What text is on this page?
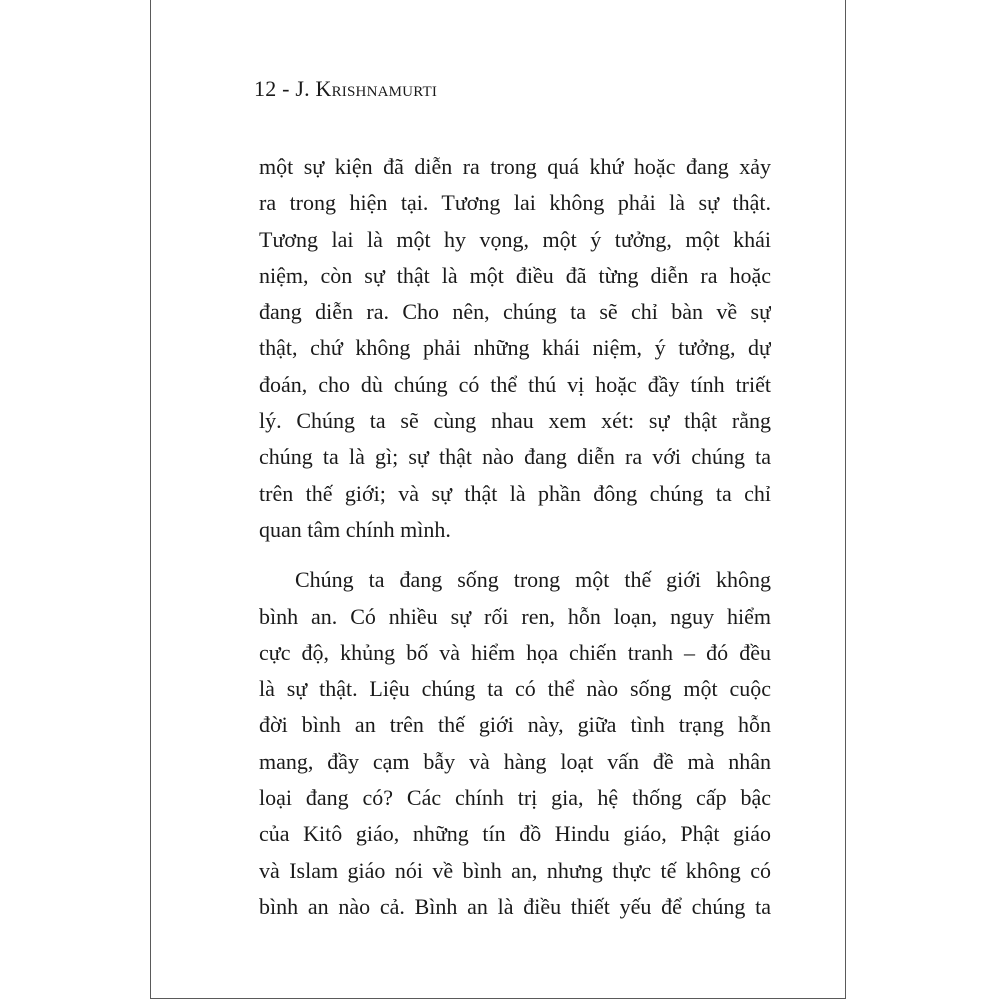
12 - J. Krishnamurti
một sự kiện đã diễn ra trong quá khứ hoặc đang xảy
ra trong hiện tại. Tương lai không phải là sự thật.
Tương lai là một hy vọng, một ý tưởng, một khái
niệm, còn sự thật là một điều đã từng diễn ra hoặc
đang diễn ra. Cho nên, chúng ta sẽ chỉ bàn về sự
thật, chứ không phải những khái niệm, ý tưởng, dự
đoán, cho dù chúng có thể thú vị hoặc đầy tính triết
lý. Chúng ta sẽ cùng nhau xem xét: sự thật rằng
chúng ta là gì; sự thật nào đang diễn ra với chúng ta
trên thế giới; và sự thật là phần đông chúng ta chỉ
quan tâm chính mình.
Chúng ta đang sống trong một thế giới không
bình an. Có nhiều sự rối ren, hỗn loạn, nguy hiểm
cực độ, khủng bố và hiểm họa chiến tranh – đó đều
là sự thật. Liệu chúng ta có thể nào sống một cuộc
đời bình an trên thế giới này, giữa tình trạng hỗn
mang, đầy cạm bẫy và hàng loạt vấn đề mà nhân
loại đang có? Các chính trị gia, hệ thống cấp bậc
của Kitô giáo, những tín đồ Hindu giáo, Phật giáo
và Islam giáo nói về bình an, nhưng thực tế không có
bình an nào cả. Bình an là điều thiết yếu để chúng ta
